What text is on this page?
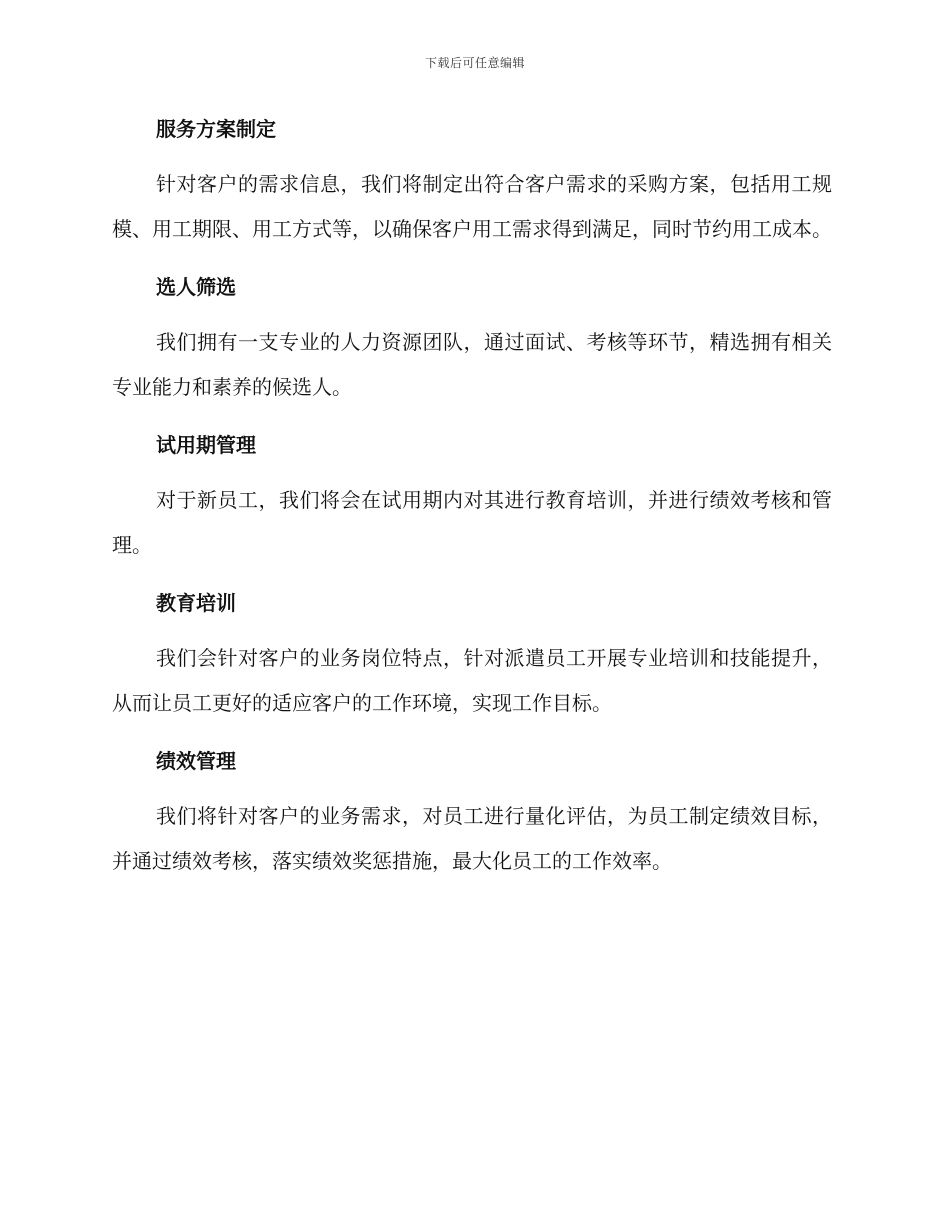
下载后可任意编辑
服务方案制定

针对客户的需求信息，我们将制定出符合客户需求的采购方案，包括用工规模、用工期限、用工方式等，以确保客户用工需求得到满足，同时节约用工成本。

选人筛选

我们拥有一支专业的人力资源团队，通过面试、考核等环节，精选拥有相关专业能力和素养的候选人。

试用期管理

对于新员工，我们将会在试用期内对其进行教育培训，并进行绩效考核和管理。

教育培训

我们会针对客户的业务岗位特点，针对派遣员工开展专业培训和技能提升，从而让员工更好的适应客户的工作环境，实现工作目标。

绩效管理

我们将针对客户的业务需求，对员工进行量化评估，为员工制定绩效目标，并通过绩效考核，落实绩效奖惩措施，最大化员工的工作效率。
